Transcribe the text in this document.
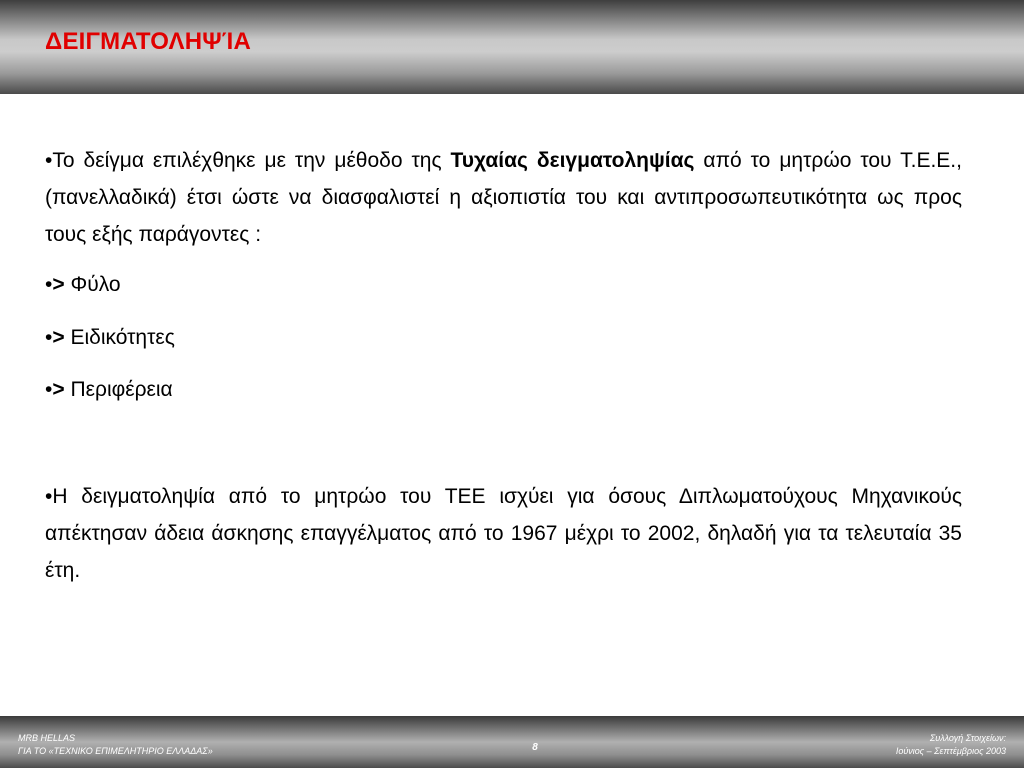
ΔΕΙΓΜΑΤΟΛΗΨΊΑ

•Το δείγμα επιλέχθηκε με την μέθοδο της Τυχαίας δειγματοληψίας από το μητρώο του Τ.Ε.Ε., (πανελλαδικά) έτσι ώστε να διασφαλιστεί η αξιοπιστία του και αντιπροσωπευτικότητα ως προς τους εξής παράγοντες :

•> Φύλο

•> Ειδικότητες

•> Περιφέρεια

•Η δειγματοληψία από το μητρώο του ΤΕΕ ισχύει για όσους Διπλωματούχους Μηχανικούς απέκτησαν άδεια άσκησης επαγγέλματος από το 1967 μέχρι το 2002, δηλαδή για τα τελευταία 35 έτη.

MRB HELLAS
ΓΙΑ ΤΟ «ΤΕΧΝΙΚΟ ΕΠΙΜΕΛΗΤΗΡΙΟ ΕΛΛΑΔΑΣ»	8
Συλλογή Στοιχείων:
Ιούνιος – Σεπτέμβριος 2003
